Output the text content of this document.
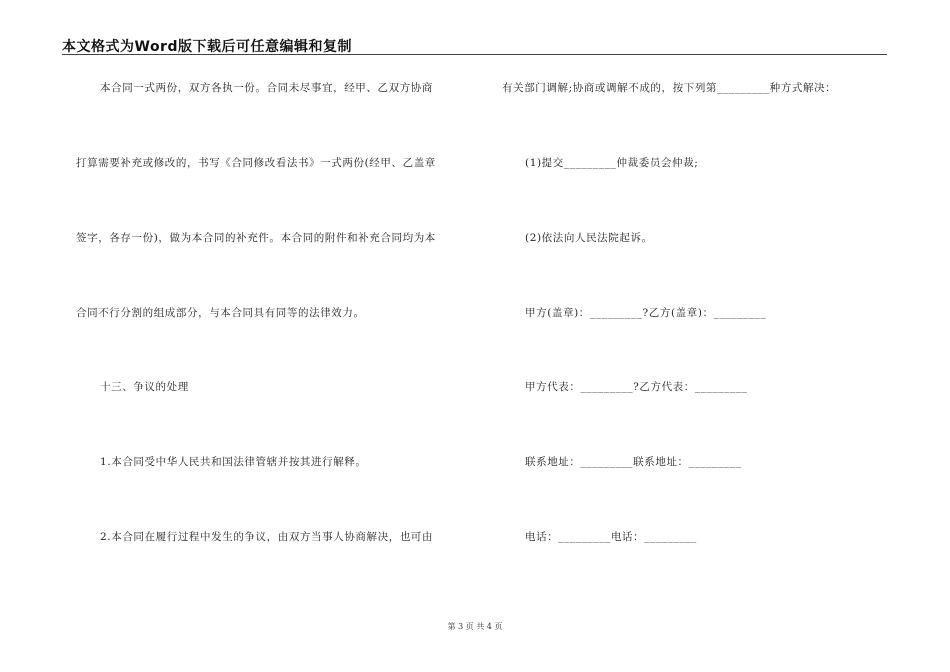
本文格式为Word版下载后可任意编辑和复制
本合同一式两份，双方各执一份。合同未尽事宜，经甲、乙双方协商
打算需要补充或修改的，书写《合同修改看法书》一式两份(经甲、乙盖章
签字，各存一份)，做为本合同的补充件。本合同的附件和补充合同均为本
合同不行分割的组成部分，与本合同具有同等的法律效力。
十三、争议的处理
1.本合同受中华人民共和国法律管辖并按其进行解释。
2.本合同在履行过程中发生的争议，由双方当事人协商解决，也可由
有关部门调解;协商或调解不成的，按下列第_________种方式解决：
(1)提交_________仲裁委员会仲裁;
(2)依法向人民法院起诉。
甲方(盖章)：_________?乙方(盖章)：_________
甲方代表：_________?乙方代表：_________
联系地址：_________联系地址：_________
电话：_________电话：_________
第 3 页 共 4 页
